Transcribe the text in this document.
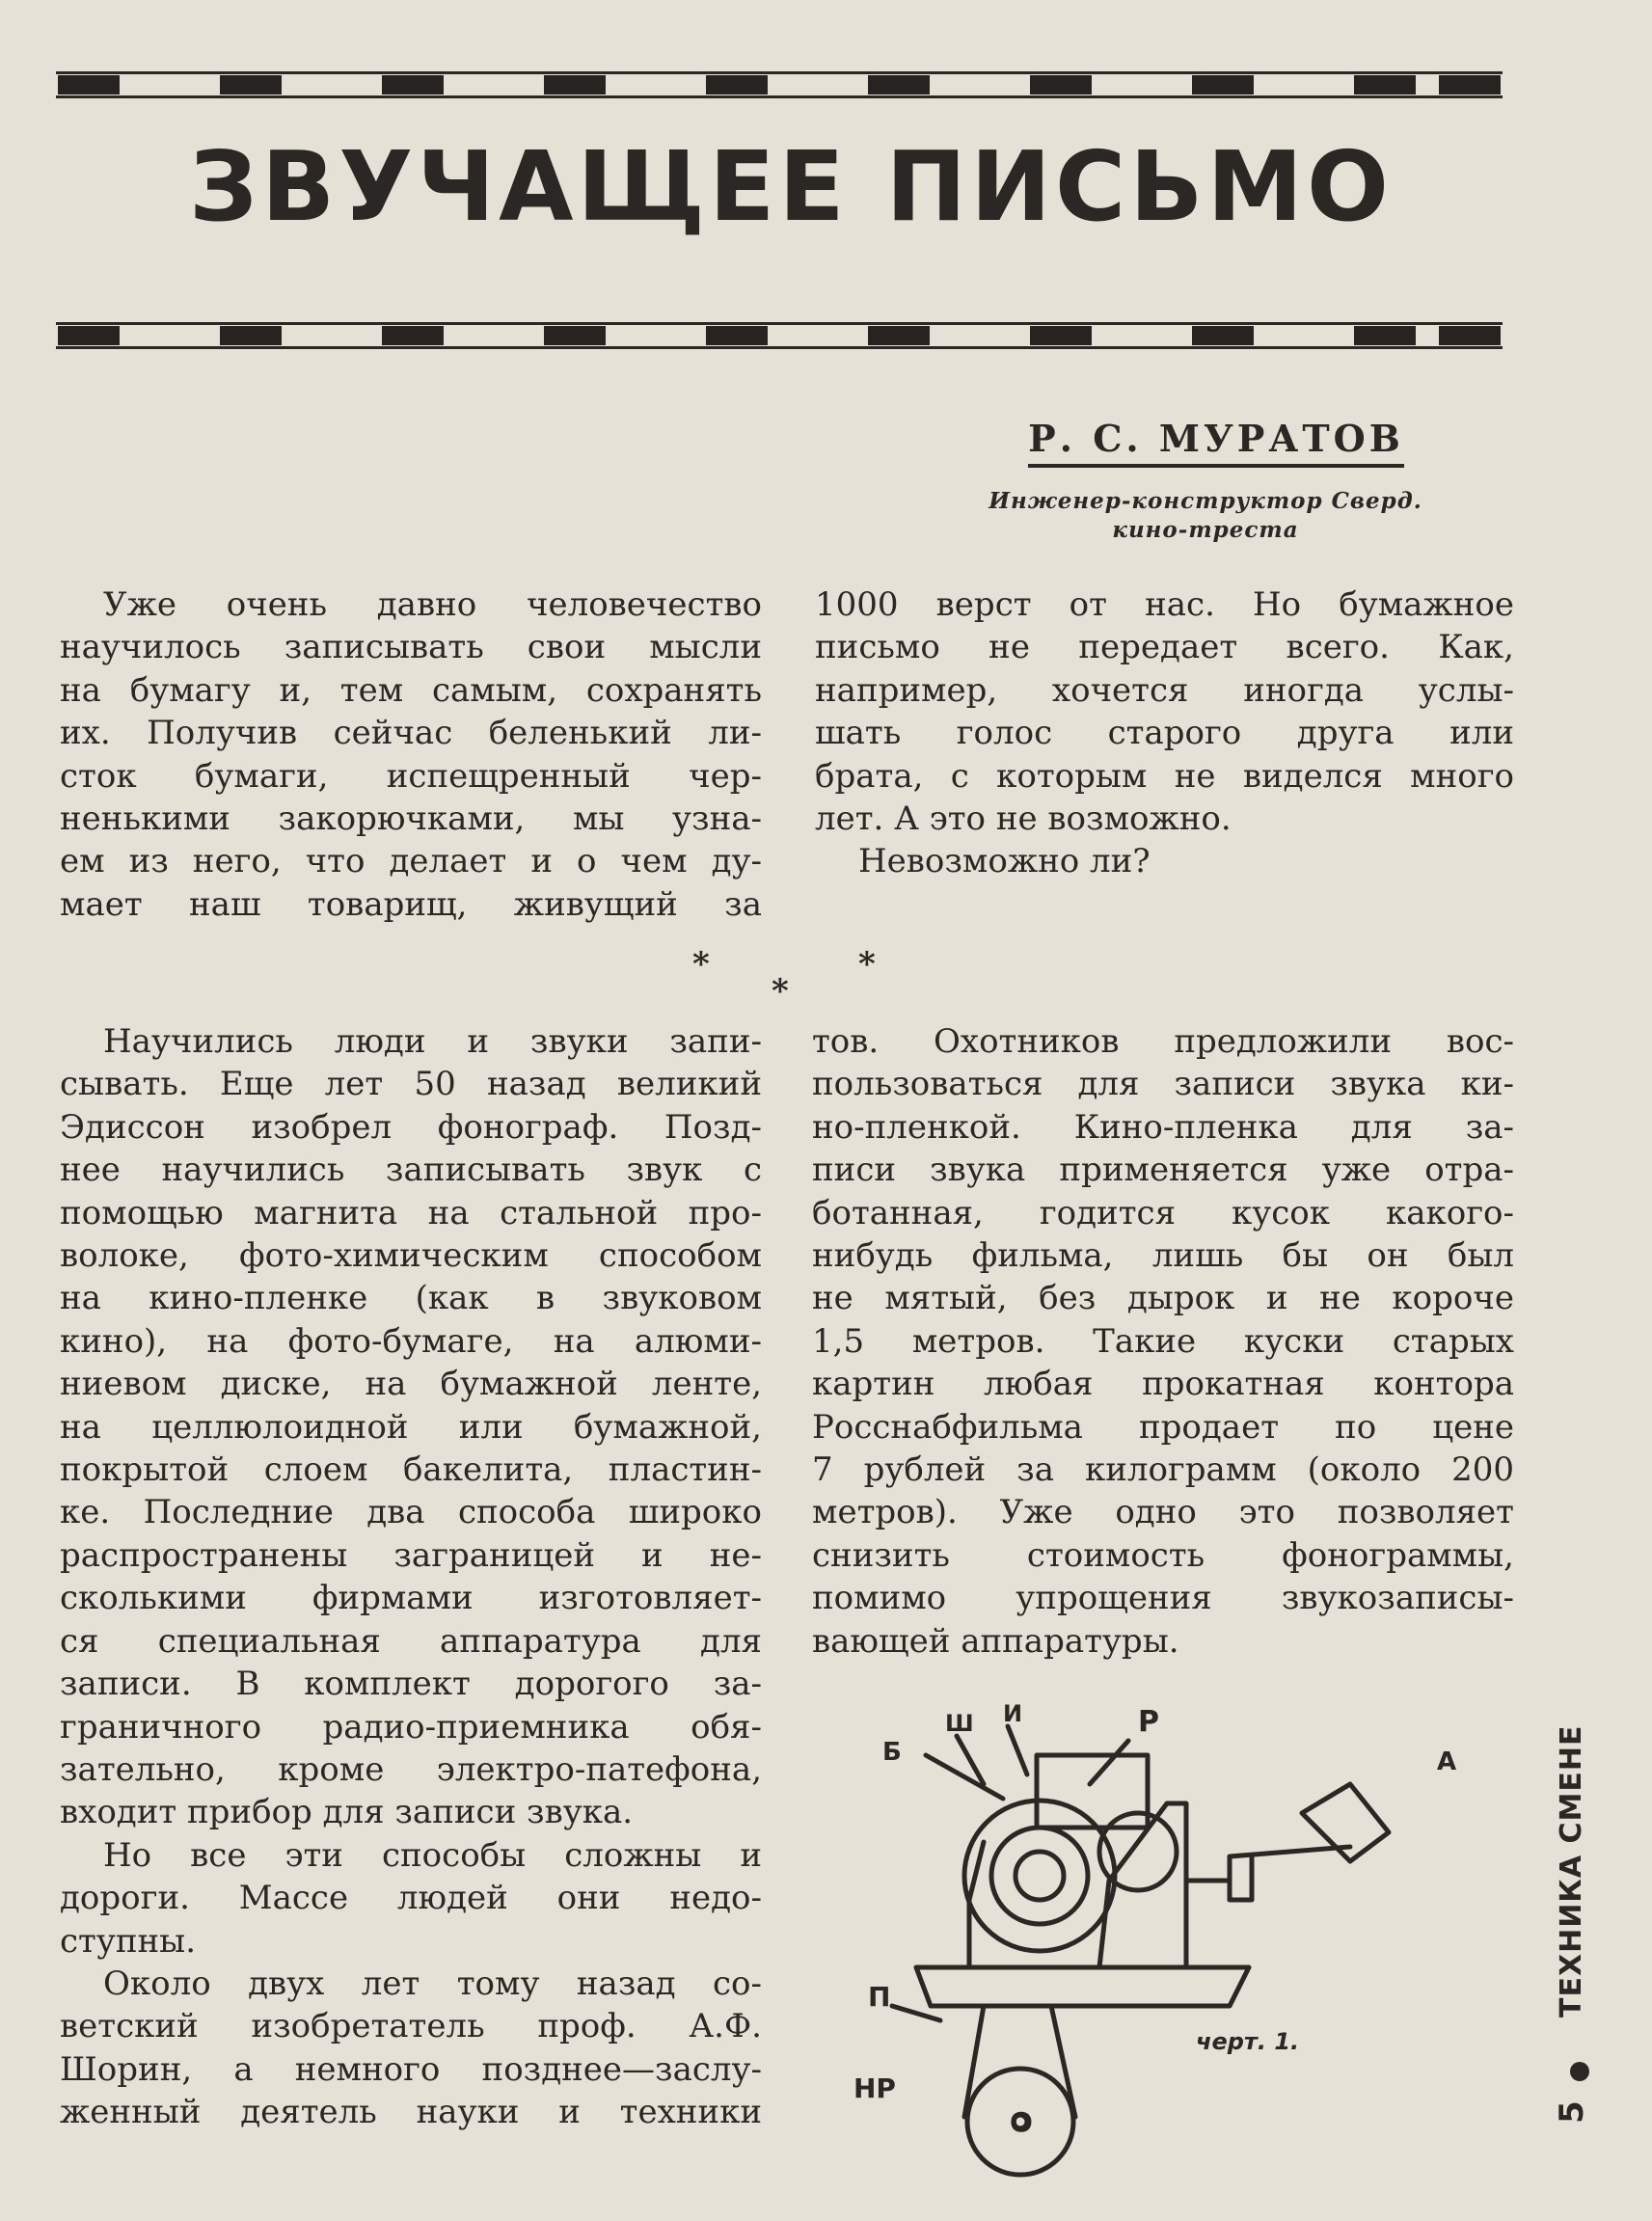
ЗВУЧАЩЕЕ ПИСЬМО
Р. С. МУРАТОВ
Инженер-конструктор Сверд.
кино-треста
Уже очень давно человечество
научилось записывать свои мысли
на бумагу и, тем самым, сохранять
их. Получив сейчас беленький ли-
сток бумаги, испещренный чер-
ненькими закорючками, мы узна-
ем из него, что делает и о чем ду-
мает наш товарищ, живущий за
1000 верст от нас. Но бумажное
письмо не передает всего. Как,
например, хочется иногда услы-
шать голос старого друга или
брата, с которым не виделся много
лет. А это не возможно.
Невозможно ли?
*
*
*
Научились люди и звуки запи-
сывать. Еще лет 50 назад великий
Эдиссон изобрел фонограф. Позд-
нее научились записывать звук с
помощью магнита на стальной про-
волоке, фото-химическим способом
на кино-пленке (как в звуковом
кино), на фото-бумаге, на алюми-
ниевом диске, на бумажной ленте,
на целлюлоидной или бумажной,
покрытой слоем бакелита, пластин-
ке. Последние два способа широко
распространены заграницей и не-
сколькими фирмами изготовляет-
ся специальная аппаратура для
записи. В комплект дорогого за-
граничного радио-приемника обя-
зательно, кроме электро-патефона,
входит прибор для записи звука.
Но все эти способы сложны и
дороги. Массе людей они недо-
ступны.
Около двух лет тому назад со-
ветский изобретатель проф. А.Ф.
Шорин, а немного позднее—заслу-
женный деятель науки и техники
тов. Охотников предложили вос-
пользоваться для записи звука ки-
но-пленкой. Кино-пленка для за-
писи звука применяется уже отра-
ботанная, годится кусок какого-
нибудь фильма, лишь бы он был
не мятый, без дырок и не короче
1,5 метров. Такие куски старых
картин любая прокатная контора
Росснабфильма продает по цене
7 рублей за килограмм (около 200
метров). Уже одно это позволяет
снизить стоимость фонограммы,
помимо упрощения звукозаписы-
вающей аппаратуры.
Р
И
Ш
Б	А
П
НР
О
черт. 1.
ТЕХНИКА СМЕНЕ
5
